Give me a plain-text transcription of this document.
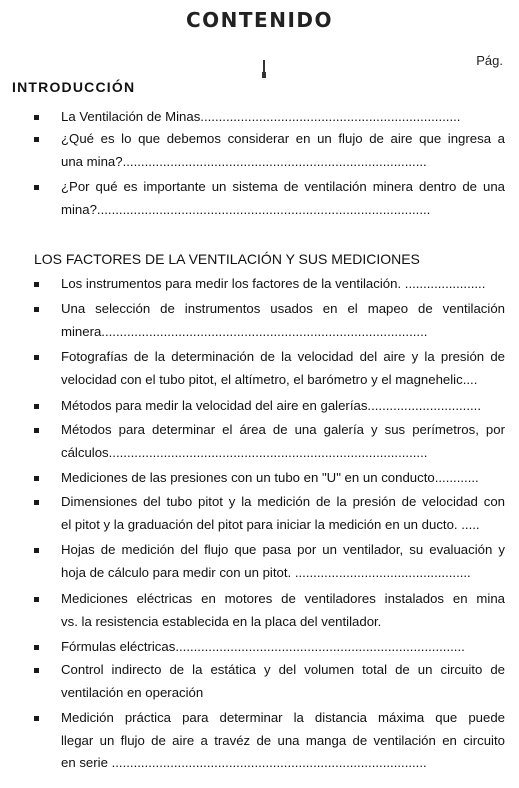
CONTENIDO
Pág.
INTRODUCCIÓN
La Ventilación de Minas.......................................................................
¿Qué es lo que debemos considerar en un flujo de aire que ingresa a
una mina?...................................................................................
¿Por qué es importante un sistema de ventilación minera dentro de una
mina?...........................................................................................
LOS FACTORES DE LA VENTILACIÓN Y SUS MEDICIONES
Los instrumentos para medir los factores de la ventilación. ......................
Una selección de instrumentos usados en el mapeo de ventilación
minera.........................................................................................
Fotografías de la determinación de la velocidad del aire y la presión de
velocidad con el tubo pitot, el altímetro, el barómetro y el magnehelic....
Métodos para medir la velocidad del aire en galerías...............................
Métodos para determinar el área de una galería y sus perímetros, por
cálculos.......................................................................................
Mediciones de las presiones con un tubo en "U" en un conducto............
Dimensiones del tubo pitot y la medición de la presión de velocidad con
el pitot y la graduación del pitot para iniciar la medición en un ducto. .....
Hojas de medición del flujo que pasa por un ventilador, su evaluación y
hoja de cálculo para medir con un pitot. ................................................
Mediciones eléctricas en motores de ventiladores instalados en mina
vs. la resistencia establecida en la placa del ventilador.
Fórmulas eléctricas...............................................................................
Control indirecto de la estática y del volumen total de un circuito de
ventilación en operación
Medición práctica para determinar la distancia máxima que puede
llegar un flujo de aire a travéz de una manga de ventilación en circuito
en serie ......................................................................................
